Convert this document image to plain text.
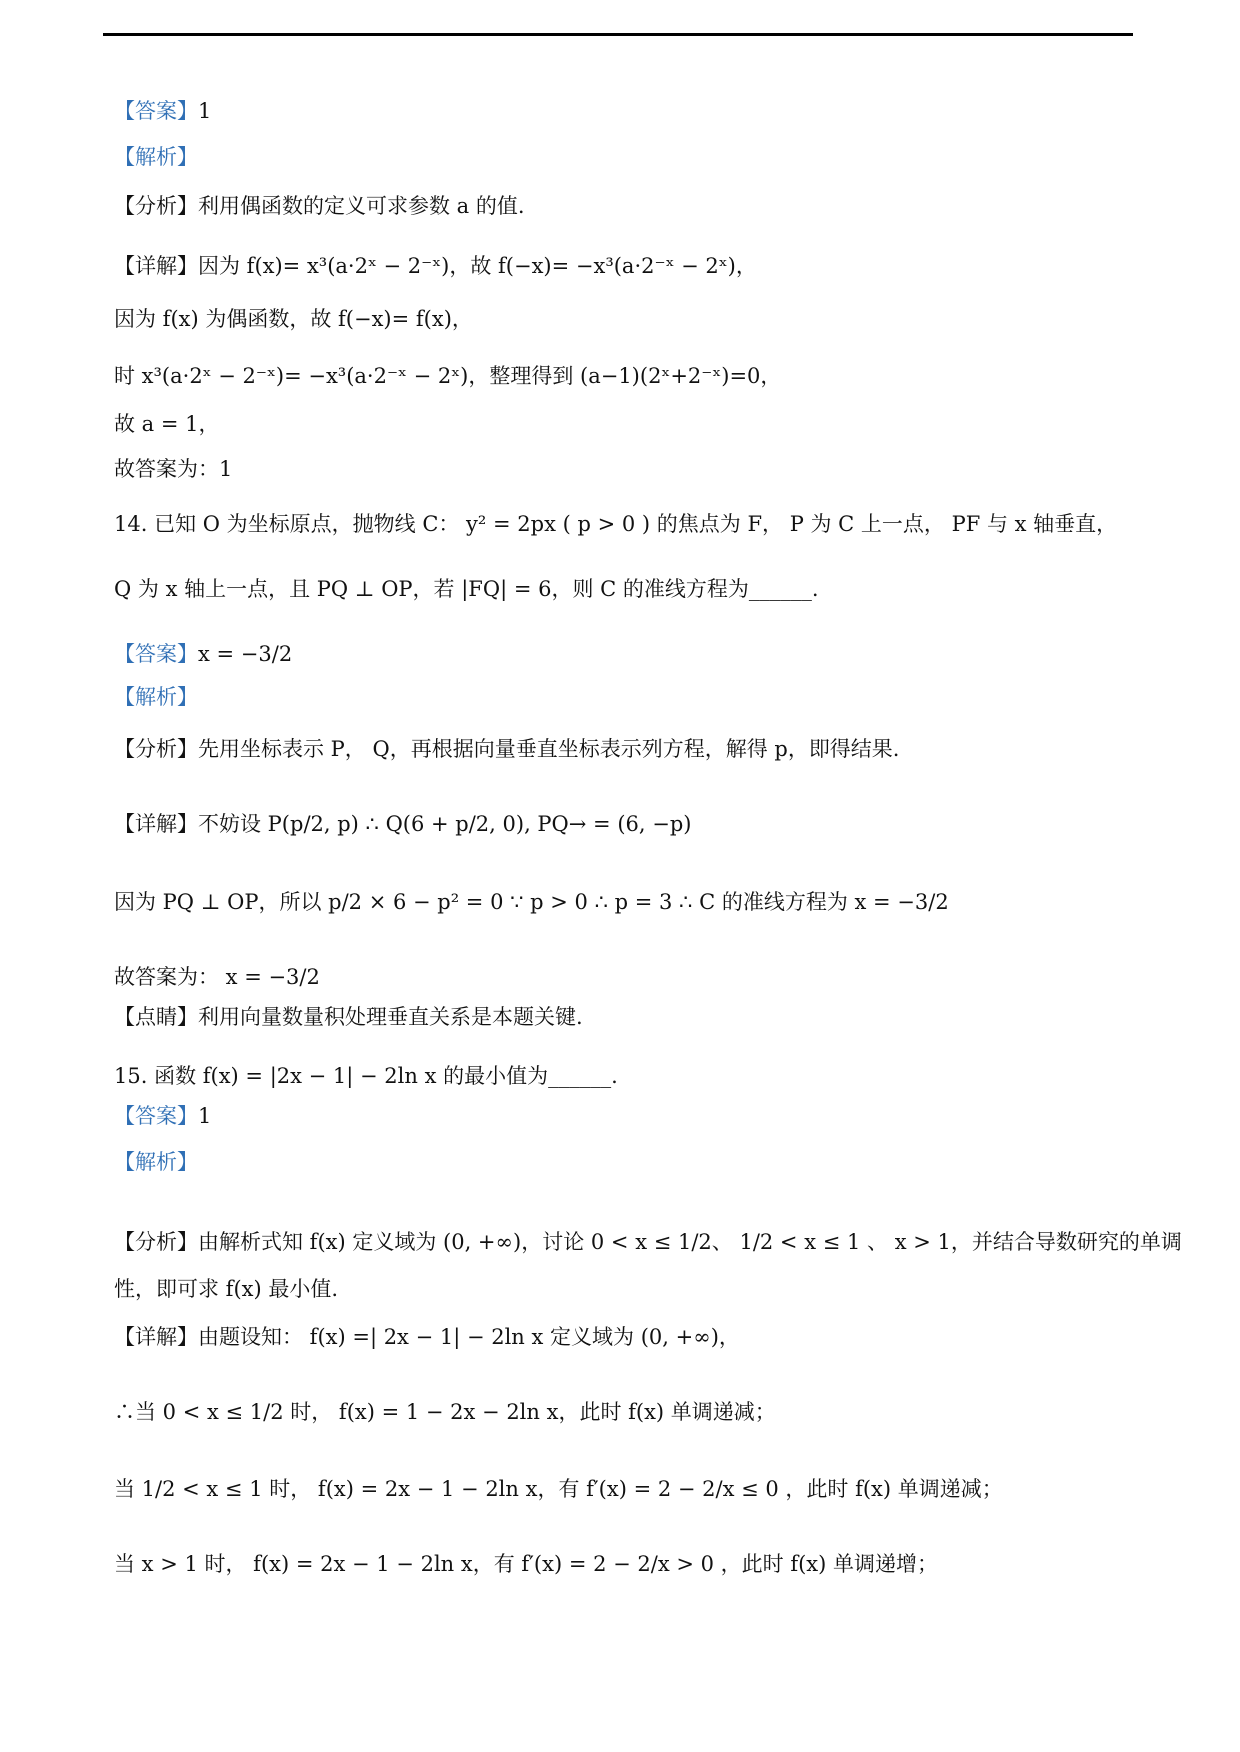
【答案】1
【解析】
【分析】利用偶函数的定义可求参数 a 的值.
【详解】因为 f(x)= x³(a·2ˣ − 2⁻ˣ)，故 f(−x)= −x³(a·2⁻ˣ − 2ˣ)，
因为 f(x) 为偶函数，故 f(−x)= f(x)，
时 x³(a·2ˣ − 2⁻ˣ)= −x³(a·2⁻ˣ − 2ˣ)，整理得到 (a−1)(2ˣ+2⁻ˣ)=0，
故 a = 1，
故答案为：1
14. 已知 O 为坐标原点，抛物线 C： y² = 2px ( p > 0 ) 的焦点为 F， P 为 C 上一点， PF 与 x 轴垂直，
Q 为 x 轴上一点，且 PQ ⊥ OP，若 |FQ| = 6，则 C 的准线方程为______.
【答案】x = −3/2
【解析】
【分析】先用坐标表示 P， Q，再根据向量垂直坐标表示列方程，解得 p，即得结果.
【详解】不妨设 P(p/2, p) ∴ Q(6 + p/2, 0), PQ→ = (6, −p)
因为 PQ ⊥ OP，所以 p/2 × 6 − p² = 0 ∵ p > 0 ∴ p = 3 ∴ C 的准线方程为 x = −3/2
故答案为： x = −3/2
【点睛】利用向量数量积处理垂直关系是本题关键.
15. 函数 f(x) = |2x − 1| − 2ln x 的最小值为______.
【答案】1
【解析】
【分析】由解析式知 f(x) 定义域为 (0, +∞)，讨论 0 < x ≤ 1/2、 1/2 < x ≤ 1 、 x > 1，并结合导数研究的单调
性，即可求 f(x) 最小值.
【详解】由题设知： f(x) =| 2x − 1| − 2ln x 定义域为 (0, +∞)，
∴当 0 < x ≤ 1/2 时， f(x) = 1 − 2x − 2ln x，此时 f(x) 单调递减；
当 1/2 < x ≤ 1 时， f(x) = 2x − 1 − 2ln x，有 f′(x) = 2 − 2/x ≤ 0 ，此时 f(x) 单调递减；
当 x > 1 时， f(x) = 2x − 1 − 2ln x，有 f′(x) = 2 − 2/x > 0 ，此时 f(x) 单调递增；
